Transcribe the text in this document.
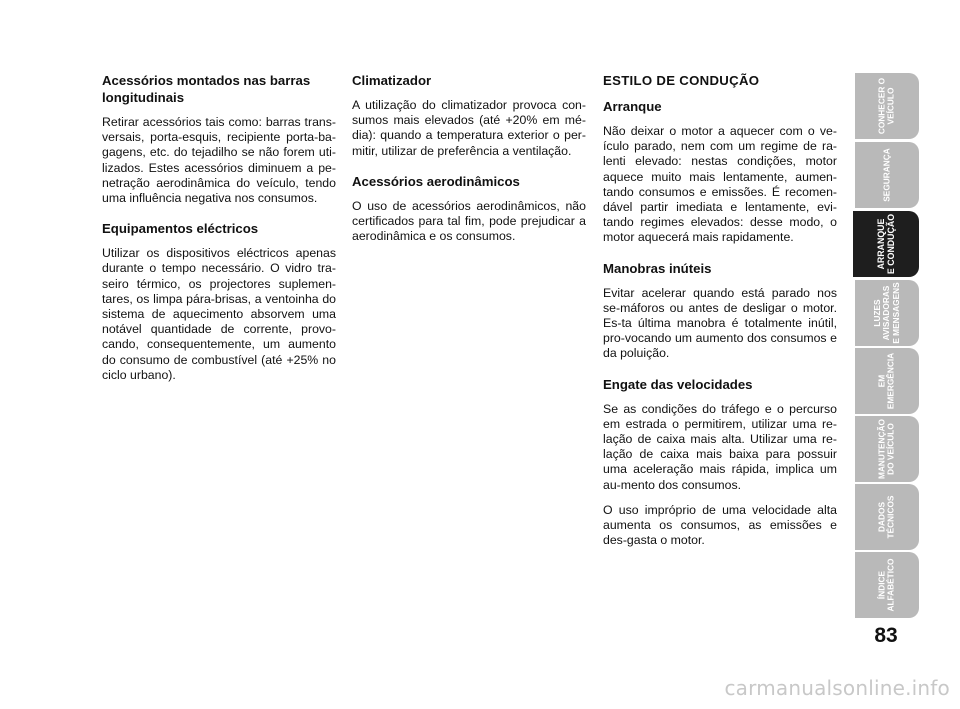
Acessórios montados nas barras longitudinais

Retirar acessórios tais como: barras trans-versais, porta-esquis, recipiente porta-ba-gagens, etc. do tejadilho se não forem uti-lizados. Estes acessórios diminuem a pe-netração aerodinâmica do veículo, tendo uma influência negativa nos consumos.

Equipamentos eléctricos

Utilizar os dispositivos eléctricos apenas durante o tempo necessário. O vidro tra-seiro térmico, os projectores suplemen-tares, os limpa pára-brisas, a ventoinha do sistema de aquecimento absorvem uma notável quantidade de corrente, provo-cando, consequentemente, um aumento do consumo de combustível (até +25% no ciclo urbano).

Climatizador

A utilização do climatizador provoca con-sumos mais elevados (até +20% em mé-dia): quando a temperatura exterior o per-mitir, utilizar de preferência a ventilação.

Acessórios aerodinâmicos

O uso de acessórios aerodinâmicos, não certificados para tal fim, pode prejudicar a aerodinâmica e os consumos.

ESTILO DE CONDUÇÃO
Arranque

Não deixar o motor a aquecer com o ve-ículo parado, nem com um regime de ra-lenti elevado: nestas condições, motor aquece muito mais lentamente, aumen-tando consumos e emissões. É recomen-dável partir imediata e lentamente, evi-tando regimes elevados: desse modo, o motor aquecerá mais rapidamente.

Manobras inúteis

Evitar acelerar quando está parado nos se-máforos ou antes de desligar o motor. Es-ta última manobra é totalmente inútil, pro-vocando um aumento dos consumos e da poluição.

Engate das velocidades

Se as condições do tráfego e o percurso em estrada o permitirem, utilizar uma re-lação de caixa mais alta. Utilizar uma re-lação de caixa mais baixa para possuir uma aceleração mais rápida, implica um au-mento dos consumos.

O uso impróprio de uma velocidade alta aumenta os consumos, as emissões e des-gasta o motor.

CONHECER O
VEÍCULO
SEGURANÇA
ARRANQUE
E CONDUÇÃO
LUZES
AVISADORAS
E MENSAGENS
EM
EMERGÊNCIA
MANUTENÇÃO
DO VEÍCULO
DADOS
TÉCNICOS
ÍNDICE
ALFABÉTICO
83
carmanualsonline.info
